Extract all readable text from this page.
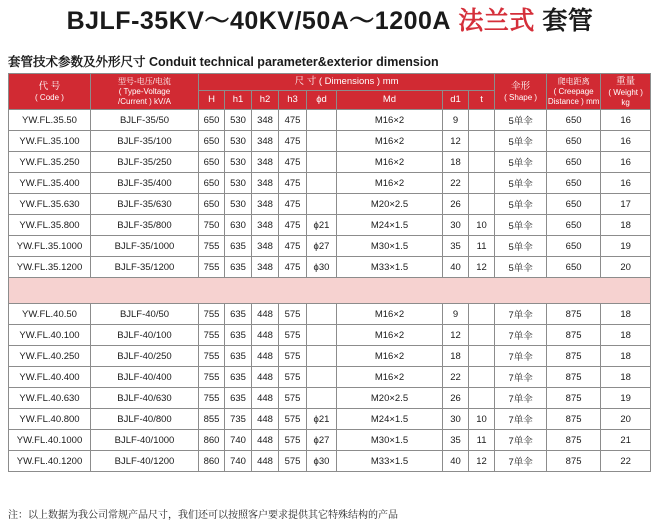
BJLF-35KV～40KV/50A～1200A 法兰式 套管
套管技术参数及外形尺寸 Conduit technical parameter&exterior dimension
代 号
( Code )	型号-电压/电流
( Type-Voltage
/Current ) kV/A	尺 寸 ( Dimensions ) mm								伞形
( Shape )	爬电距离
( Creepage
Distance ) mm	重量
( Weight )
kg

		H	h1	h2	h3	ϕd	Md	d1	t			
YW.FL.35.50	BJLF-35/50	650	530	348	475		M16×2	9		5单伞	650	16
YW.FL.35.100	BJLF-35/100	650	530	348	475		M16×2	12		5单伞	650	16
YW.FL.35.250	BJLF-35/250	650	530	348	475		M16×2	18		5单伞	650	16
YW.FL.35.400	BJLF-35/400	650	530	348	475		M16×2	22		5单伞	650	16
YW.FL.35.630	BJLF-35/630	650	530	348	475		M20×2.5	26		5单伞	650	17
YW.FL.35.800	BJLF-35/800	750	630	348	475	ϕ21	M24×1.5	30	10	5单伞	650	18
YW.FL.35.1000	BJLF-35/1000	755	635	348	475	ϕ27	M30×1.5	35	11	5单伞	650	19
YW.FL.35.1200	BJLF-35/1200	755	635	348	475	ϕ30	M33×1.5	40	12	5单伞	650	20

YW.FL.40.50	BJLF-40/50	755	635	448	575		M16×2	9		7单伞	875	18
YW.FL.40.100	BJLF-40/100	755	635	448	575		M16×2	12		7单伞	875	18
YW.FL.40.250	BJLF-40/250	755	635	448	575		M16×2	18		7单伞	875	18
YW.FL.40.400	BJLF-40/400	755	635	448	575		M16×2	22		7单伞	875	18
YW.FL.40.630	BJLF-40/630	755	635	448	575		M20×2.5	26		7单伞	875	19
YW.FL.40.800	BJLF-40/800	855	735	448	575	ϕ21	M24×1.5	30	10	7单伞	875	20
YW.FL.40.1000	BJLF-40/1000	860	740	448	575	ϕ27	M30×1.5	35	11	7单伞	875	21
YW.FL.40.1200	BJLF-40/1200	860	740	448	575	ϕ30	M33×1.5	40	12	7单伞	875	22
注：以上数据为我公司常规产品尺寸，我们还可以按照客户要求提供其它特殊结构的产品
